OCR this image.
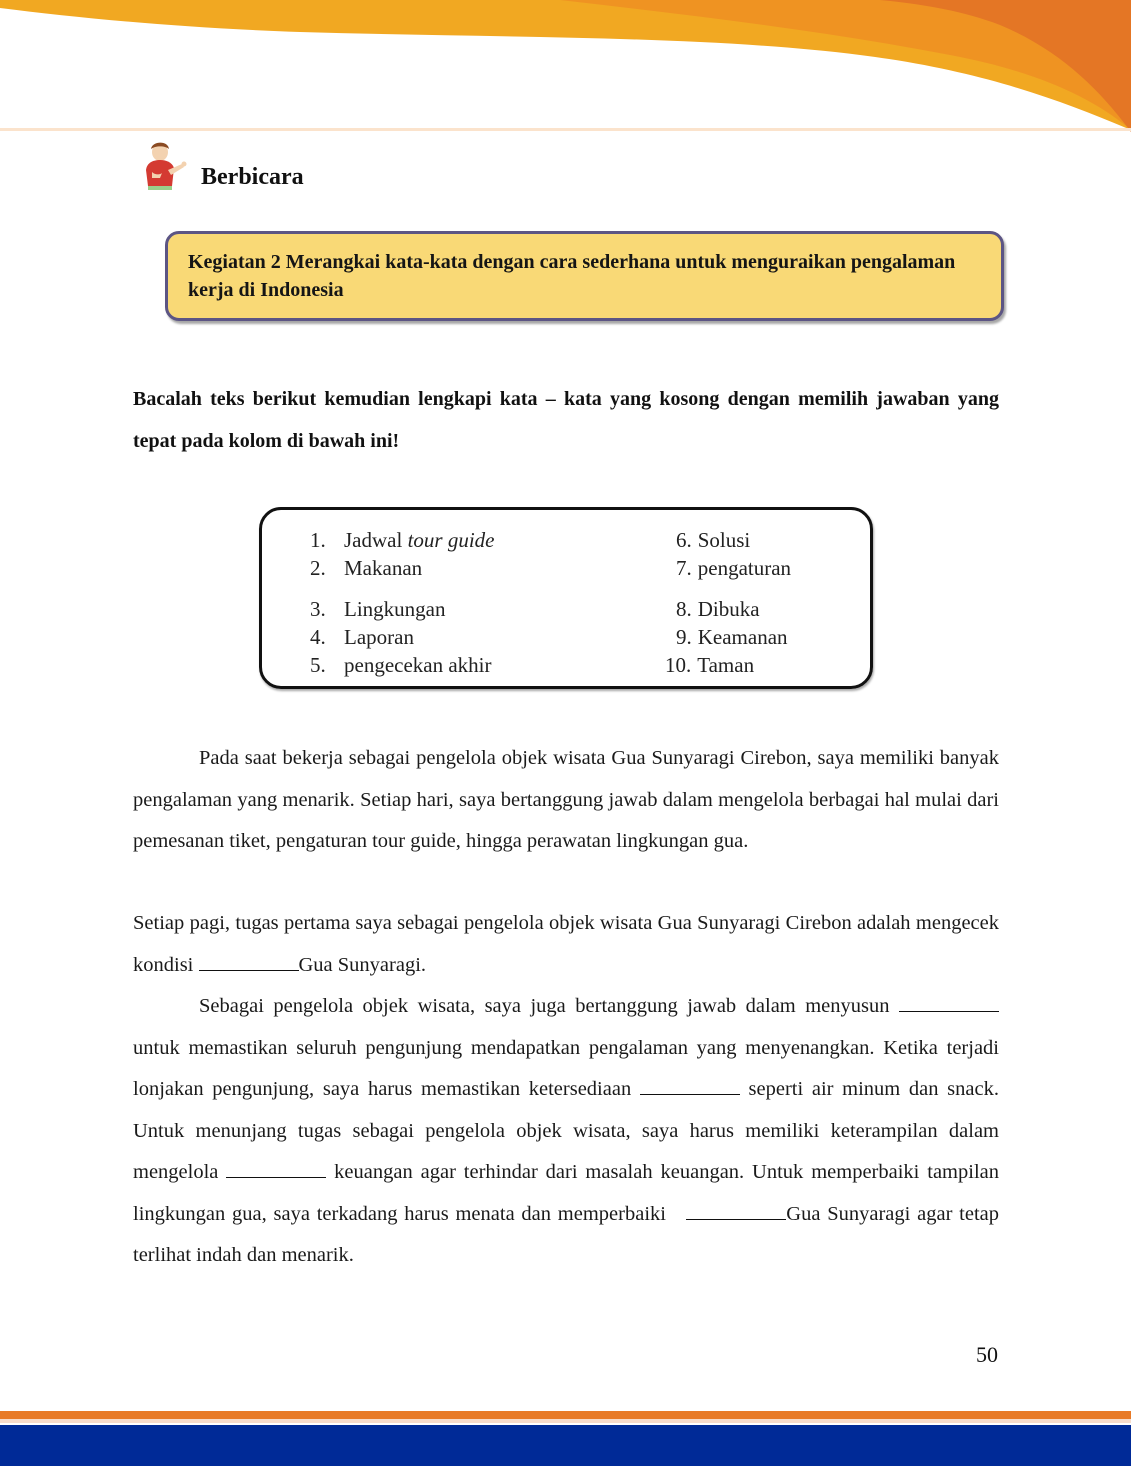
Berbicara
Kegiatan 2 Merangkai kata-kata dengan cara sederhana untuk menguraikan pengalaman kerja di Indonesia
Bacalah teks berikut kemudian lengkapi kata – kata yang kosong dengan memilih jawaban yang tepat pada kolom di bawah ini!
1. Jadwal tour guide
2. Makanan
3. Lingkungan
4. Laporan
5. pengecekan akhir
6. Solusi
7. pengaturan
8. Dibuka
9. Keamanan
10. Taman
Pada saat bekerja sebagai pengelola objek wisata Gua Sunyaragi Cirebon, saya memiliki banyak pengalaman yang menarik. Setiap hari, saya bertanggung jawab dalam mengelola berbagai hal mulai dari pemesanan tiket, pengaturan tour guide, hingga perawatan lingkungan gua.
Setiap pagi, tugas pertama saya sebagai pengelola objek wisata Gua Sunyaragi Cirebon adalah mengecek kondisi	Gua Sunyaragi.
Sebagai pengelola objek wisata, saya juga bertanggung jawab dalam menyusun  untuk memastikan seluruh pengunjung mendapatkan pengalaman yang menyenangkan. Ketika terjadi lonjakan pengunjung, saya harus memastikan ketersediaan	seperti air minum dan snack. Untuk menunjang tugas sebagai pengelola objek wisata, saya harus memiliki keterampilan dalam mengelola	keuangan agar terhindar dari masalah keuangan. Untuk memperbaiki tampilan lingkungan gua, saya terkadang harus menata dan memperbaiki	Gua Sunyaragi agar tetap terlihat indah dan menarik.
50
